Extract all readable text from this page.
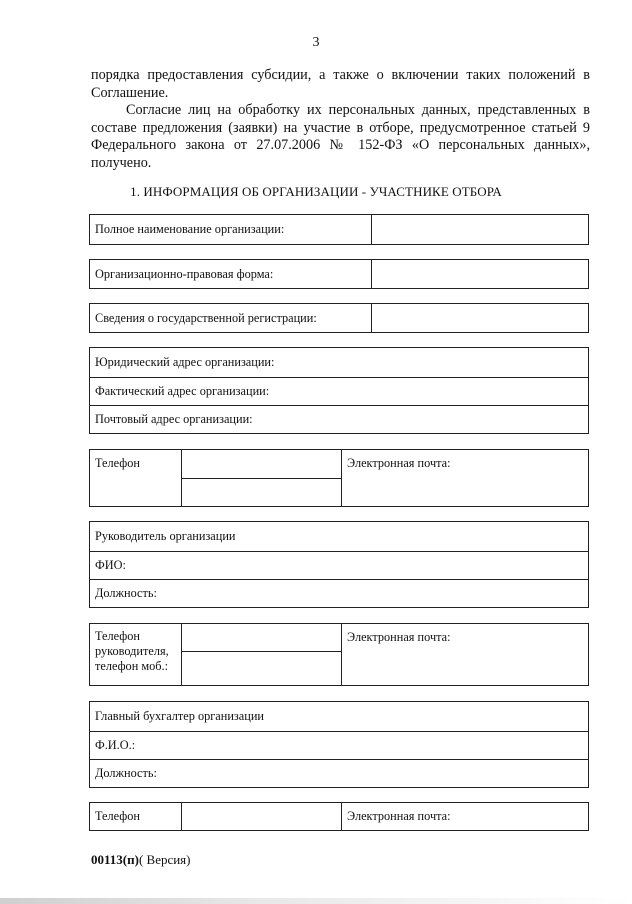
3
порядка предоставления субсидии, а также о включении таких положений в Соглашение.
Согласие лиц на обработку их персональных данных, представленных в составе предложения (заявки) на участие в отборе, предусмотренное статьей 9 Федерального закона от 27.07.2006 № 152-ФЗ «О персональных данных», получено.
1. ИНФОРМАЦИЯ ОБ ОРГАНИЗАЦИИ - УЧАСТНИКЕ ОТБОРА
Полное наименование организации:
Организационно-правовая форма:
Сведения о государственной регистрации:
Юридический адрес организации:
Фактический адрес организации:
Почтовый адрес организации:
Телефон	Электронная почта:
Руководитель организации
ФИО:
Должность:
Телефон
руководителя,
телефон моб.:
Электронная почта:
Главный бухгалтер организации
Ф.И.О.:
Должность:
Телефон	Электронная почта:
00113(п)( Версия)
